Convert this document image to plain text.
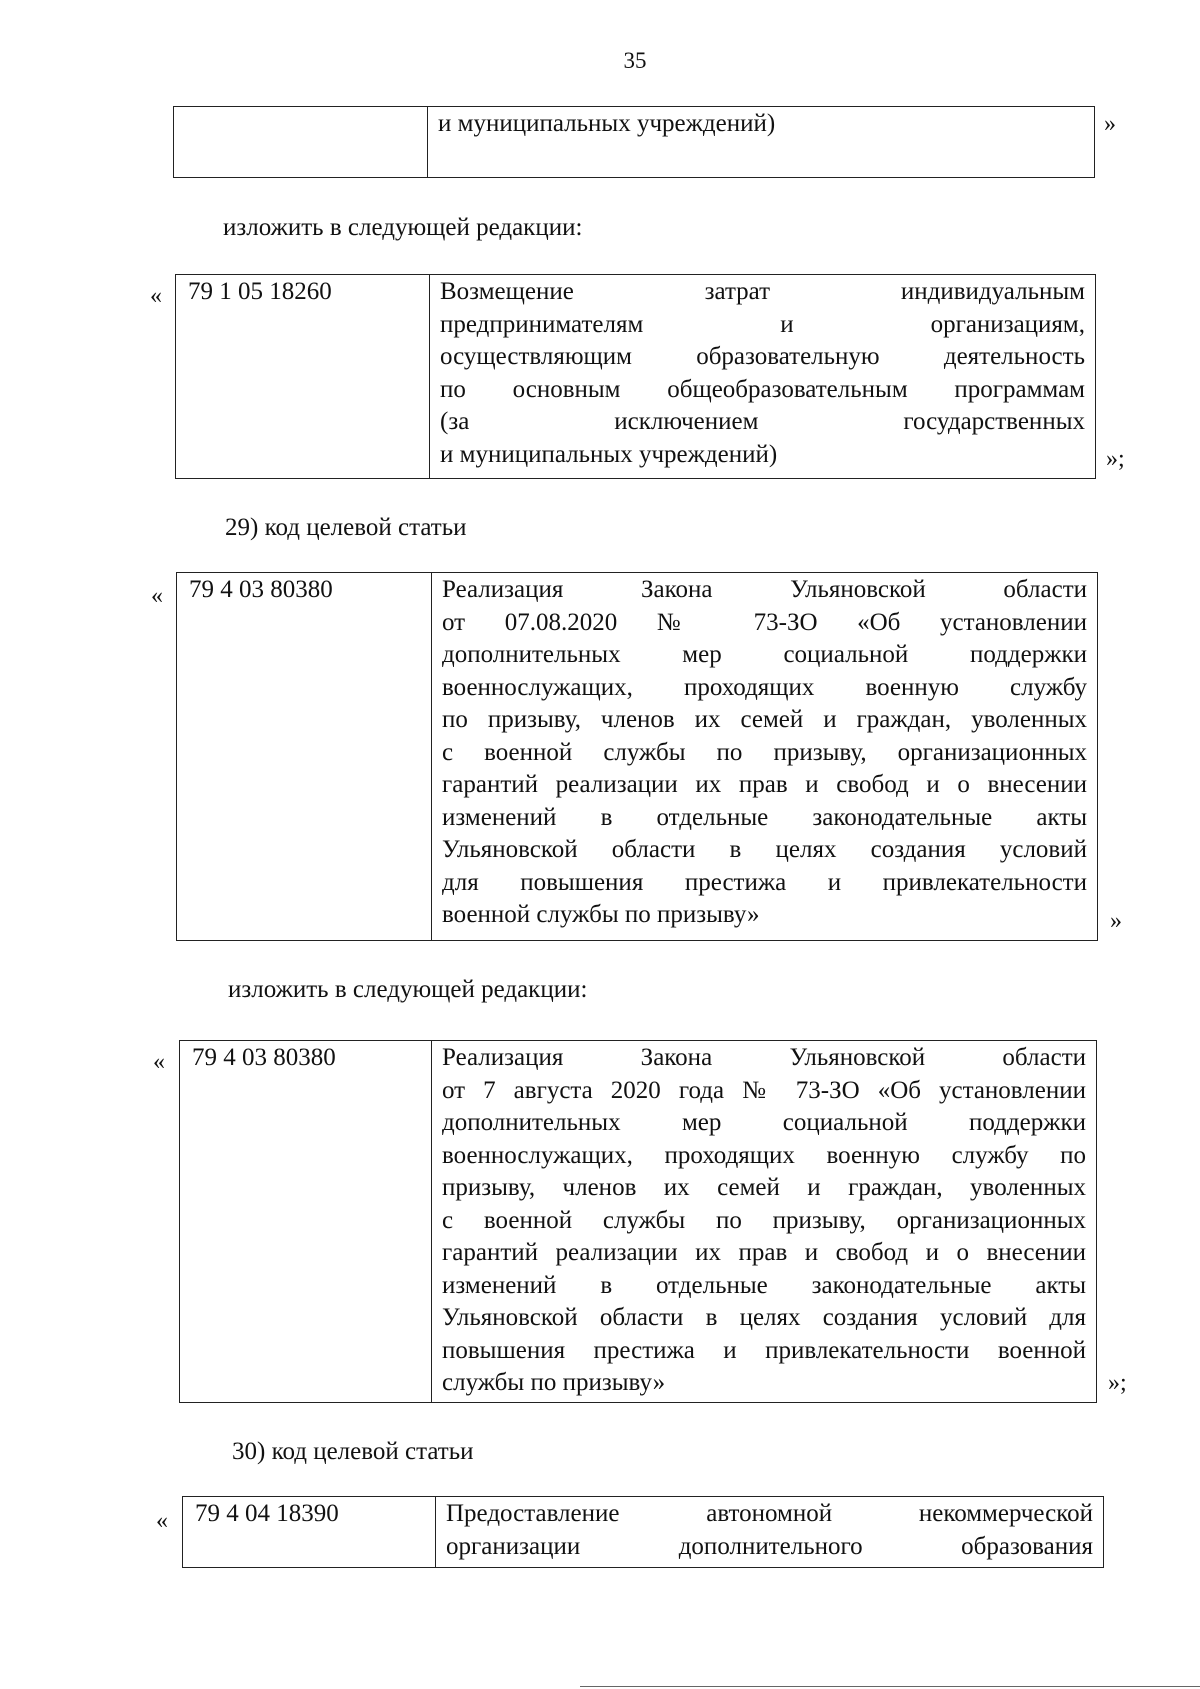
35
и муниципальных учреждений)	»
изложить в следующей редакции:
«	79 1 05 18260	Возмещение затрат индивидуальным
предпринимателям и организациям,
осуществляющим образовательную деятельность
по основным общеобразовательным программам
(за исключением государственных
и муниципальных учреждений)	»;
29) код целевой статьи
«	79 4 03 80380	Реализация Закона Ульяновской области
от 07.08.2020 № 73-ЗО «Об установлении
дополнительных мер социальной поддержки
военнослужащих, проходящих военную службу
по призыву, членов их семей и граждан, уволенных
с военной службы по призыву, организационных
гарантий реализации их прав и свобод и о внесении
изменений в отдельные законодательные акты
Ульяновской области в целях создания условий
для повышения престижа и привлекательности
военной службы по призыву»	»
изложить в следующей редакции:
«	79 4 03 80380	Реализация Закона Ульяновской области
от 7 августа 2020 года № 73-ЗО «Об установлении
дополнительных мер социальной поддержки
военнослужащих, проходящих военную службу по
призыву, членов их семей и граждан, уволенных
с военной службы по призыву, организационных
гарантий реализации их прав и свобод и о внесении
изменений в отдельные законодательные акты
Ульяновской области в целях создания условий для
повышения престижа и привлекательности военной
службы по призыву»	»;
30) код целевой статьи
«	79 4 04 18390	Предоставление автономной некоммерческой
организации дополнительного образования
